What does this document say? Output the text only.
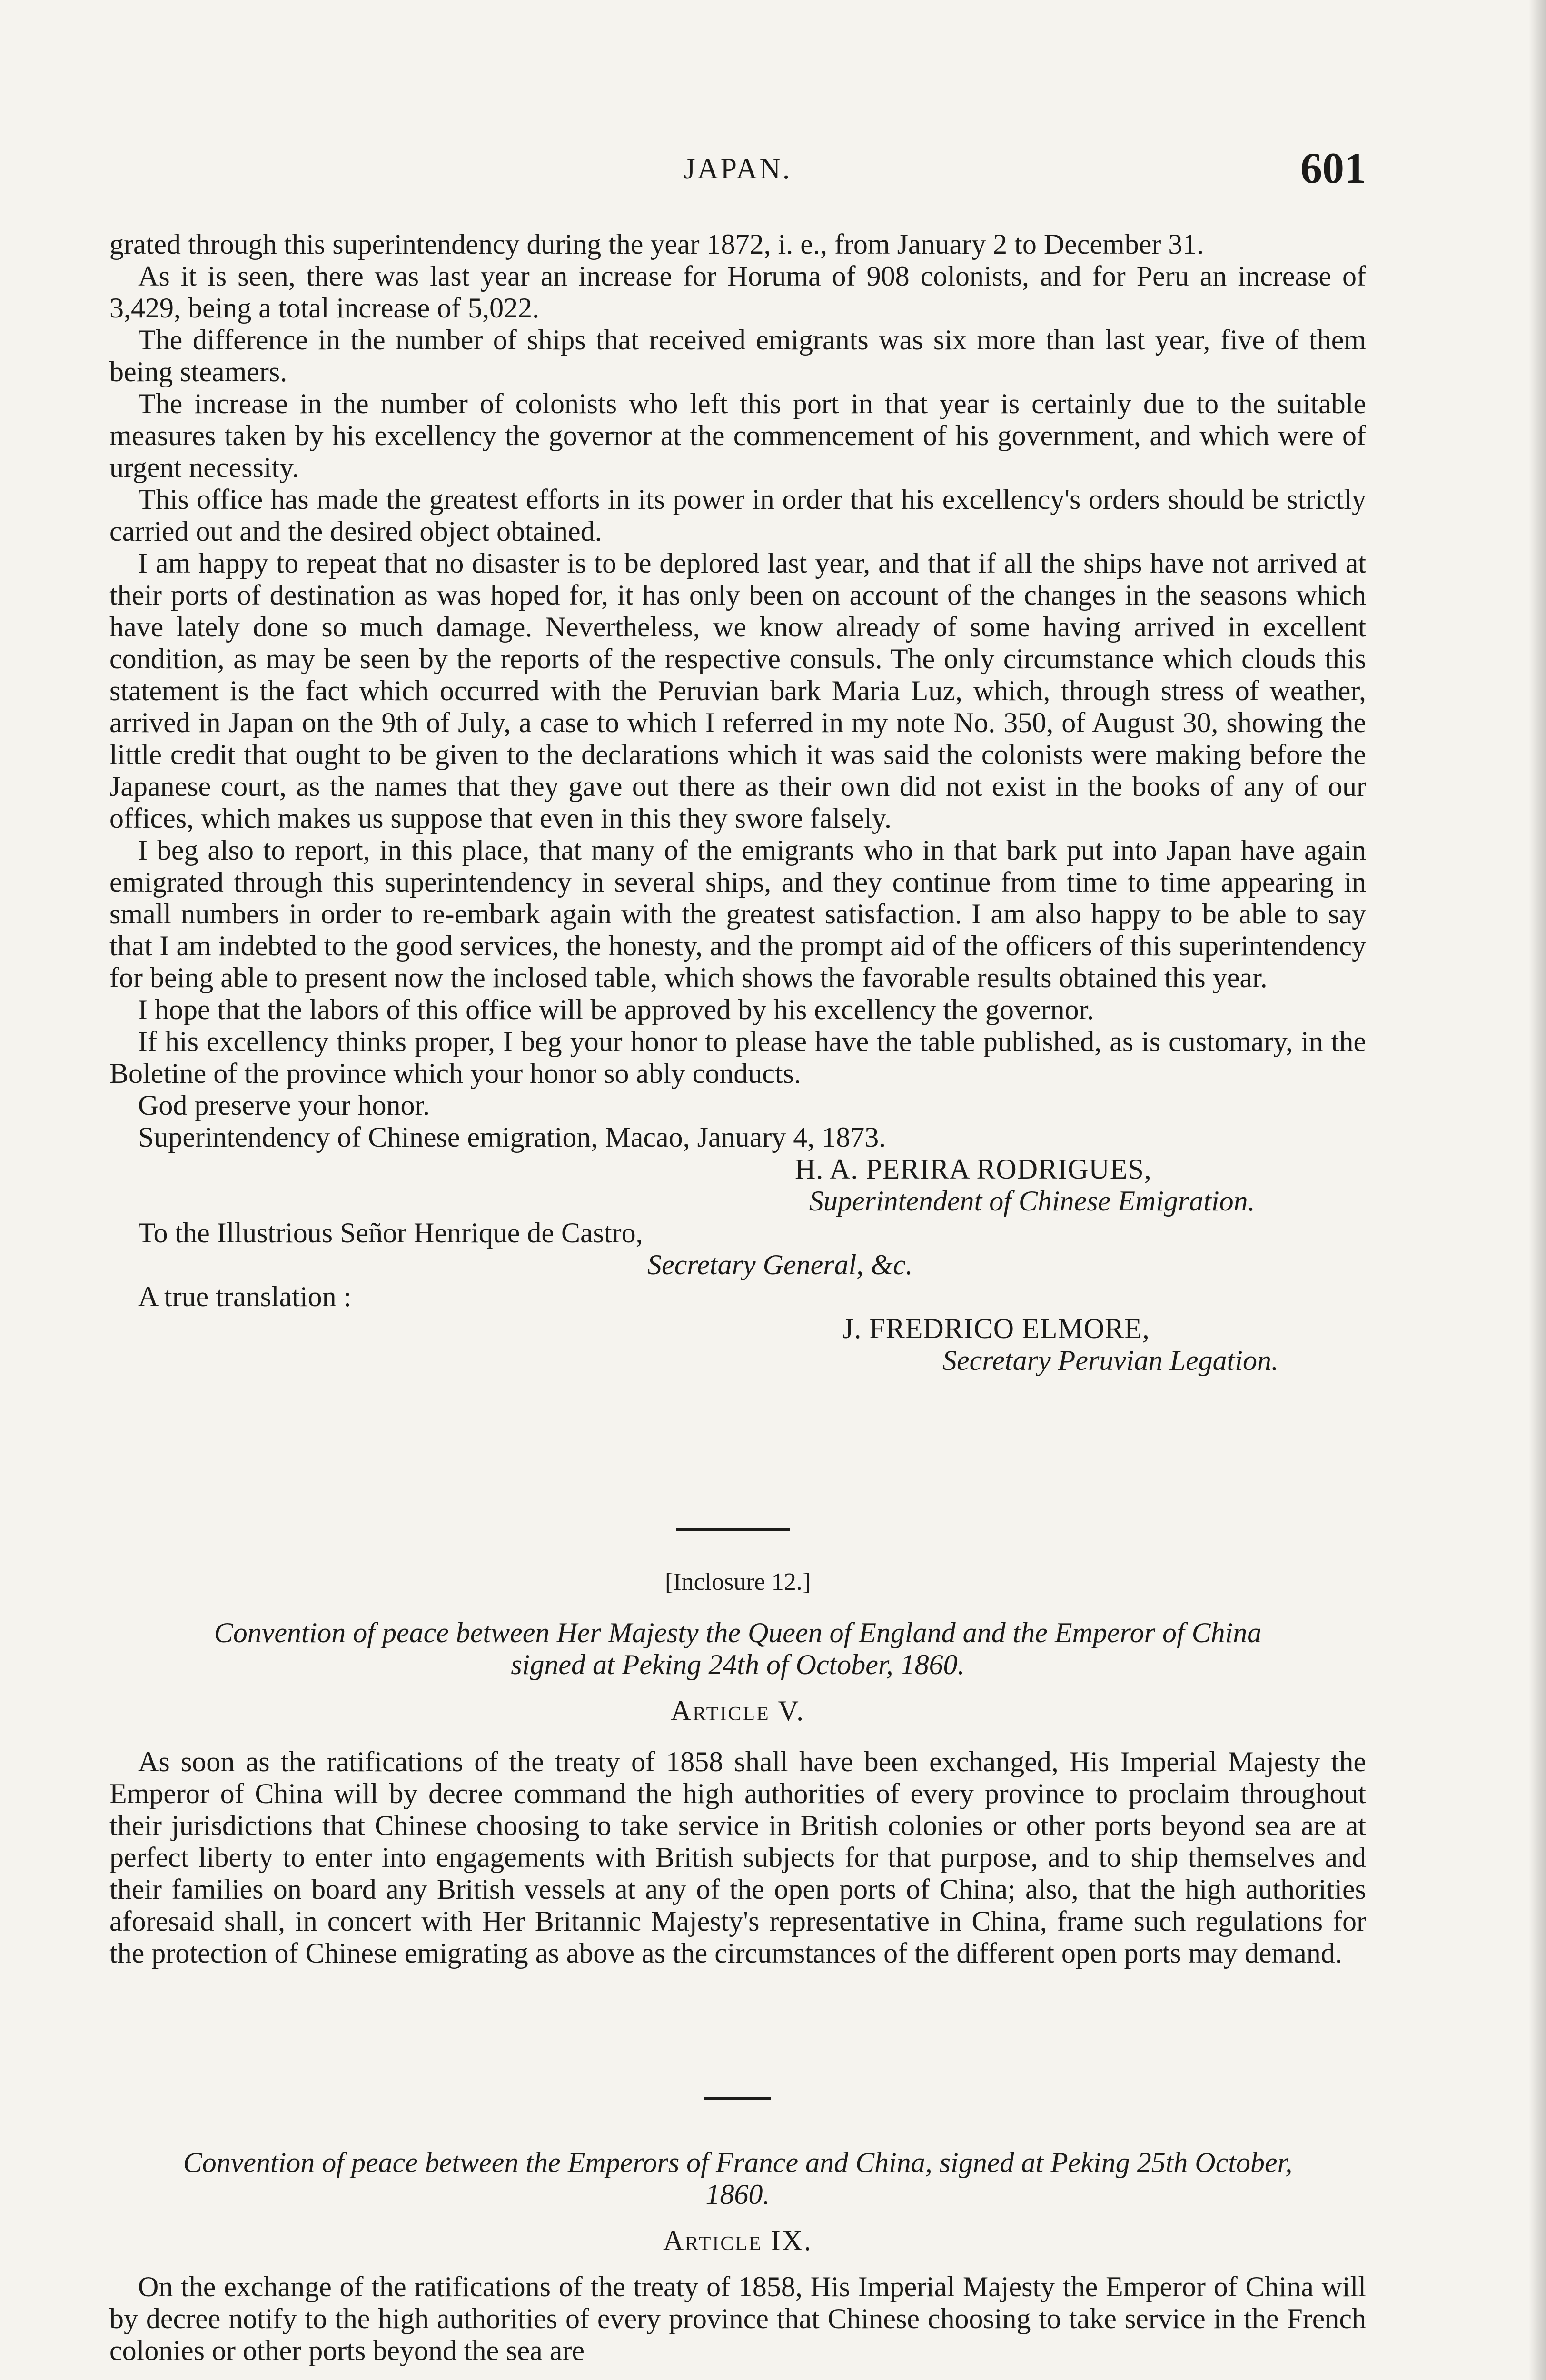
JAPAN.	601

grated through this superintendency during the year 1872, i. e., from January 2 to December 31.

As it is seen, there was last year an increase for Horuma of 908 colonists, and for Peru an increase of 3,429, being a total increase of 5,022.

The difference in the number of ships that received emigrants was six more than last year, five of them being steamers.

The increase in the number of colonists who left this port in that year is certainly due to the suitable measures taken by his excellency the governor at the commencement of his government, and which were of urgent necessity.

This office has made the greatest efforts in its power in order that his excellency's orders should be strictly carried out and the desired object obtained.

I am happy to repeat that no disaster is to be deplored last year, and that if all the ships have not arrived at their ports of destination as was hoped for, it has only been on account of the changes in the seasons which have lately done so much damage. Nevertheless, we know already of some having arrived in excellent condition, as may be seen by the reports of the respective consuls. The only circumstance which clouds this statement is the fact which occurred with the Peruvian bark Maria Luz, which, through stress of weather, arrived in Japan on the 9th of July, a case to which I referred in my note No. 350, of August 30, showing the little credit that ought to be given to the declarations which it was said the colonists were making before the Japanese court, as the names that they gave out there as their own did not exist in the books of any of our offices, which makes us suppose that even in this they swore falsely.

I beg also to report, in this place, that many of the emigrants who in that bark put into Japan have again emigrated through this superintendency in several ships, and they continue from time to time appearing in small numbers in order to re-embark again with the greatest satisfaction. I am also happy to be able to say that I am indebted to the good services, the honesty, and the prompt aid of the officers of this superintendency for being able to present now the inclosed table, which shows the favorable results obtained this year.

I hope that the labors of this office will be approved by his excellency the governor.

If his excellency thinks proper, I beg your honor to please have the table published, as is customary, in the Boletine of the province which your honor so ably conducts.

God preserve your honor.

Superintendency of Chinese emigration, Macao, January 4, 1873.

H. A. PERIRA RODRIGUES,
Superintendent of Chinese Emigration.
To the Illustrious Señor Henrique de Castro,
Secretary General, &c.
A true translation :
J. FREDRICO ELMORE,
Secretary Peruvian Legation.
[Inclosure 12.]
Convention of peace between Her Majesty the Queen of England and the Emperor of China
signed at Peking 24th of October, 1860.
Article V.

As soon as the ratifications of the treaty of 1858 shall have been exchanged, His Imperial Majesty the Emperor of China will by decree command the high authorities of every province to proclaim throughout their jurisdictions that Chinese choosing to take service in British colonies or other ports beyond sea are at perfect liberty to enter into engagements with British subjects for that purpose, and to ship themselves and their families on board any British vessels at any of the open ports of China; also, that the high authorities aforesaid shall, in concert with Her Britannic Majesty's representative in China, frame such regulations for the protection of Chinese emigrating as above as the circumstances of the different open ports may demand.

Convention of peace between the Emperors of France and China, signed at Peking 25th October,
1860.
Article IX.

On the exchange of the ratifications of the treaty of 1858, His Imperial Majesty the Emperor of China will by decree notify to the high authorities of every province that Chinese choosing to take service in the French colonies or other ports beyond the sea are
